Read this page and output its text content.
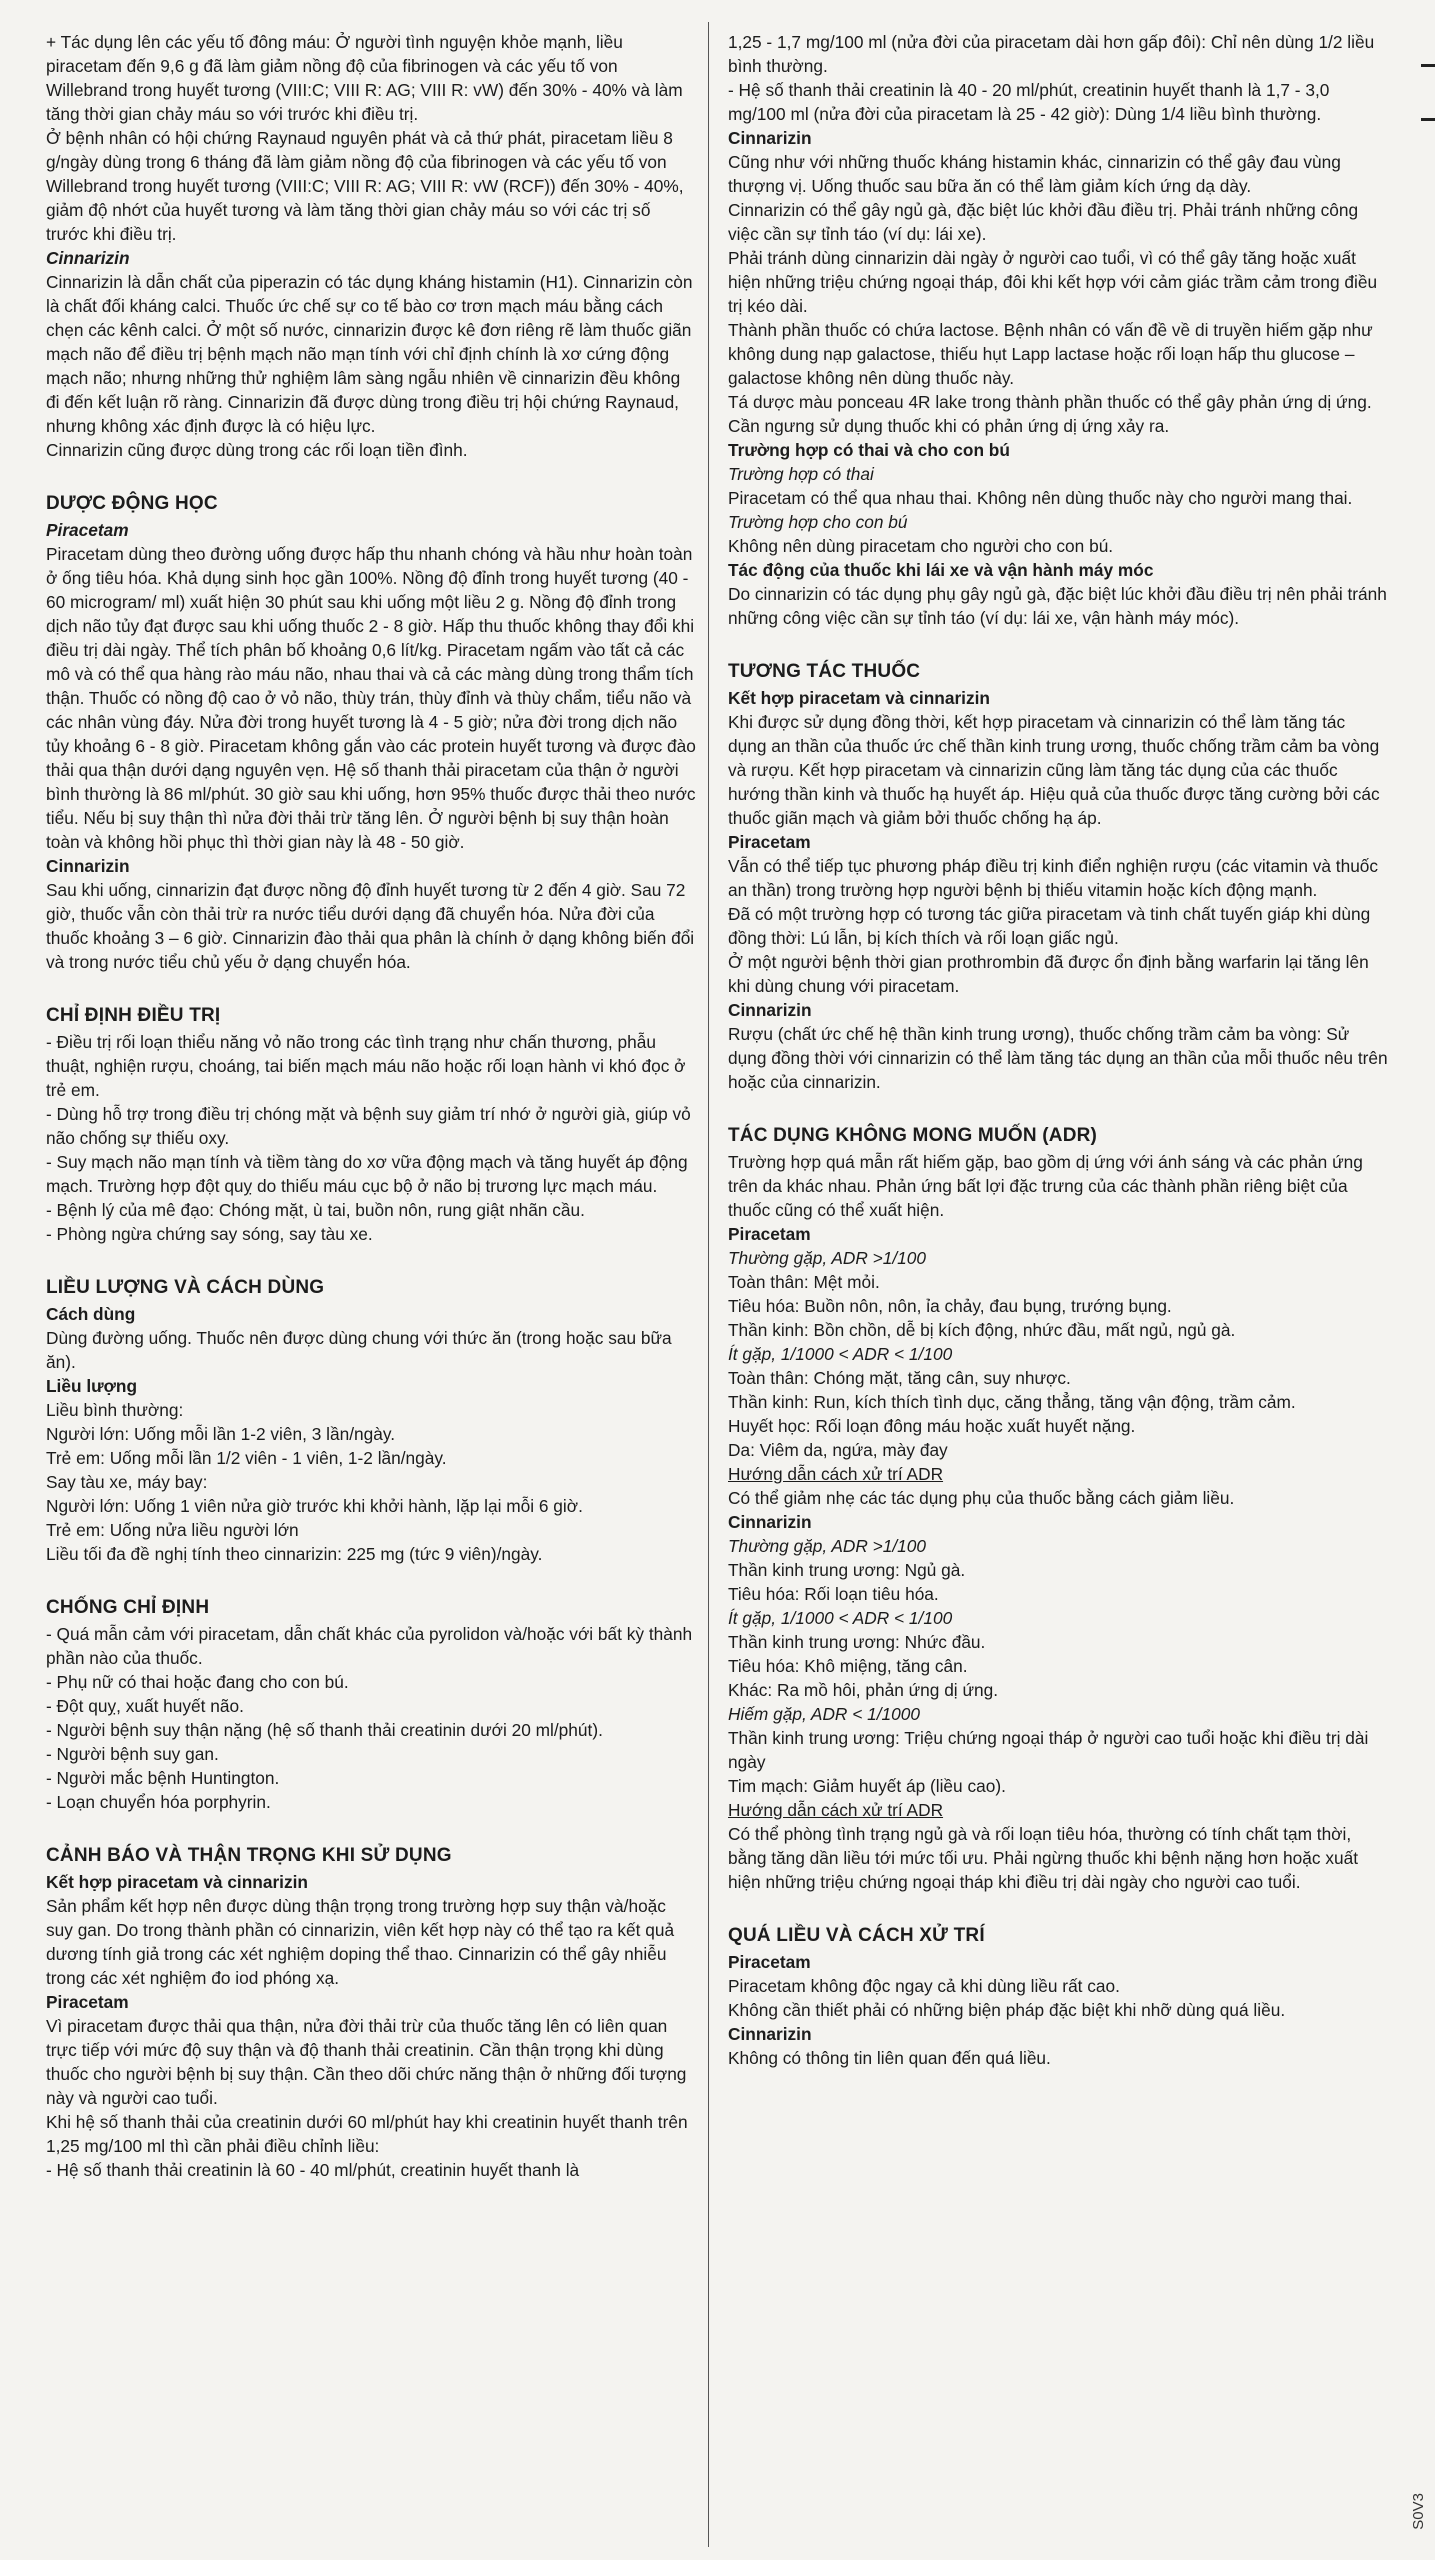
+ Tác dụng lên các yếu tố đông máu: Ở người tình nguyện khỏe mạnh, liều piracetam đến 9,6 g đã làm giảm nồng độ của fibrinogen và các yếu tố von Willebrand trong huyết tương (VIII:C; VIII R: AG; VIII R: vW) đến 30% - 40% và làm tăng thời gian chảy máu so với trước khi điều trị.

Ở bệnh nhân có hội chứng Raynaud nguyên phát và cả thứ phát, piracetam liều 8 g/ngày dùng trong 6 tháng đã làm giảm nồng độ của fibrinogen và các yếu tố von Willebrand trong huyết tương (VIII:C; VIII R: AG; VIII R: vW (RCF)) đến 30% - 40%, giảm độ nhớt của huyết tương và làm tăng thời gian chảy máu so với các trị số trước khi điều trị.

Cinnarizin

Cinnarizin là dẫn chất của piperazin có tác dụng kháng histamin (H1). Cinnarizin còn là chất đối kháng calci. Thuốc ức chế sự co tế bào cơ trơn mạch máu bằng cách chẹn các kênh calci. Ở một số nước, cinnarizin được kê đơn riêng rẽ làm thuốc giãn mạch não để điều trị bệnh mạch não mạn tính với chỉ định chính là xơ cứng động mạch não; nhưng những thử nghiệm lâm sàng ngẫu nhiên về cinnarizin đều không đi đến kết luận rõ ràng. Cinnarizin đã được dùng trong điều trị hội chứng Raynaud, nhưng không xác định được là có hiệu lực.

Cinnarizin cũng được dùng trong các rối loạn tiền đình.

DƯỢC ĐỘNG HỌC

Piracetam

Piracetam dùng theo đường uống được hấp thu nhanh chóng và hầu như hoàn toàn ở ống tiêu hóa. Khả dụng sinh học gần 100%. Nồng độ đỉnh trong huyết tương (40 - 60 microgram/ ml) xuất hiện 30 phút sau khi uống một liều 2 g. Nồng độ đỉnh trong dịch não tủy đạt được sau khi uống thuốc 2 - 8 giờ. Hấp thu thuốc không thay đổi khi điều trị dài ngày. Thể tích phân bố khoảng 0,6 lít/kg. Piracetam ngấm vào tất cả các mô và có thể qua hàng rào máu não, nhau thai và cả các màng dùng trong thẩm tích thận. Thuốc có nồng độ cao ở vỏ não, thùy trán, thùy đỉnh và thùy chẩm, tiểu não và các nhân vùng đáy. Nửa đời trong huyết tương là 4 - 5 giờ; nửa đời trong dịch não tủy khoảng 6 - 8 giờ. Piracetam không gắn vào các protein huyết tương và được đào thải qua thận dưới dạng nguyên vẹn. Hệ số thanh thải piracetam của thận ở người bình thường là 86 ml/phút. 30 giờ sau khi uống, hơn 95% thuốc được thải theo nước tiểu. Nếu bị suy thận thì nửa đời thải trừ tăng lên. Ở người bệnh bị suy thận hoàn toàn và không hồi phục thì thời gian này là 48 - 50 giờ.

Cinnarizin

Sau khi uống, cinnarizin đạt được nồng độ đỉnh huyết tương từ 2 đến 4 giờ. Sau 72 giờ, thuốc vẫn còn thải trừ ra nước tiểu dưới dạng đã chuyển hóa. Nửa đời của thuốc khoảng 3 – 6 giờ. Cinnarizin đào thải qua phân là chính ở dạng không biến đổi và trong nước tiểu chủ yếu ở dạng chuyển hóa.

CHỈ ĐỊNH ĐIỀU TRỊ

- Điều trị rối loạn thiểu năng vỏ não trong các tình trạng như chấn thương, phẫu thuật, nghiện rượu, choáng, tai biến mạch máu não hoặc rối loạn hành vi khó đọc ở trẻ em.

- Dùng hỗ trợ trong điều trị chóng mặt và bệnh suy giảm trí nhớ ở người già, giúp vỏ não chống sự thiếu oxy.

- Suy mạch não mạn tính và tiềm tàng do xơ vữa động mạch và tăng huyết áp động mạch. Trường hợp đột quỵ do thiếu máu cục bộ ở não bị trương lực mạch máu.

- Bệnh lý của mê đạo: Chóng mặt, ù tai, buồn nôn, rung giật nhãn cầu.

- Phòng ngừa chứng say sóng, say tàu xe.

LIỀU LƯỢNG VÀ CÁCH DÙNG

Cách dùng

Dùng đường uống. Thuốc nên được dùng chung với thức ăn (trong hoặc sau bữa ăn).

Liều lượng

Liều bình thường:

Người lớn: Uống mỗi lần 1-2 viên, 3 lần/ngày.

Trẻ em: Uống mỗi lần 1/2 viên - 1 viên, 1-2 lần/ngày.

Say tàu xe, máy bay:

Người lớn: Uống 1 viên nửa giờ trước khi khởi hành, lặp lại mỗi 6 giờ.

Trẻ em: Uống nửa liều người lớn

Liều tối đa đề nghị tính theo cinnarizin: 225 mg (tức 9 viên)/ngày.

CHỐNG CHỈ ĐỊNH

- Quá mẫn cảm với piracetam, dẫn chất khác của pyrolidon và/hoặc với bất kỳ thành phần nào của thuốc.

- Phụ nữ có thai hoặc đang cho con bú.

- Đột quỵ, xuất huyết não.

- Người bệnh suy thận nặng (hệ số thanh thải creatinin dưới 20 ml/phút).

- Người bệnh suy gan.

- Người mắc bệnh Huntington.

- Loạn chuyển hóa porphyrin.

CẢNH BÁO VÀ THẬN TRỌNG KHI SỬ DỤNG

Kết hợp piracetam và cinnarizin

Sản phẩm kết hợp nên được dùng thận trọng trong trường hợp suy thận và/hoặc suy gan. Do trong thành phần có cinnarizin, viên kết hợp này có thể tạo ra kết quả dương tính giả trong các xét nghiệm doping thể thao. Cinnarizin có thể gây nhiễu trong các xét nghiệm đo iod phóng xạ.

Piracetam

Vì piracetam được thải qua thận, nửa đời thải trừ của thuốc tăng lên có liên quan trực tiếp với mức độ suy thận và độ thanh thải creatinin. Cần thận trọng khi dùng thuốc cho người bệnh bị suy thận. Cần theo dõi chức năng thận ở những đối tượng này và người cao tuổi.

Khi hệ số thanh thải của creatinin dưới 60 ml/phút hay khi creatinin huyết thanh trên 1,25 mg/100 ml thì cần phải điều chỉnh liều:

- Hệ số thanh thải creatinin là 60 - 40 ml/phút, creatinin huyết thanh là

1,25 - 1,7 mg/100 ml (nửa đời của piracetam dài hơn gấp đôi): Chỉ nên dùng 1/2 liều bình thường.

- Hệ số thanh thải creatinin là 40 - 20 ml/phút, creatinin huyết thanh là 1,7 - 3,0 mg/100 ml (nửa đời của piracetam là 25 - 42 giờ): Dùng 1/4 liều bình thường.

Cinnarizin

Cũng như với những thuốc kháng histamin khác, cinnarizin có thể gây đau vùng thượng vị. Uống thuốc sau bữa ăn có thể làm giảm kích ứng dạ dày.

Cinnarizin có thể gây ngủ gà, đặc biệt lúc khởi đầu điều trị. Phải tránh những công việc cần sự tỉnh táo (ví dụ: lái xe).

Phải tránh dùng cinnarizin dài ngày ở người cao tuổi, vì có thể gây tăng hoặc xuất hiện những triệu chứng ngoại tháp, đôi khi kết hợp với cảm giác trầm cảm trong điều trị kéo dài.

Thành phần thuốc có chứa lactose. Bệnh nhân có vấn đề về di truyền hiếm gặp như không dung nạp galactose, thiếu hụt Lapp lactase hoặc rối loạn hấp thu glucose – galactose không nên dùng thuốc này.

Tá dược màu ponceau 4R lake trong thành phần thuốc có thể gây phản ứng dị ứng. Cần ngưng sử dụng thuốc khi có phản ứng dị ứng xảy ra.

Trường hợp có thai và cho con bú

Trường hợp có thai

Piracetam có thể qua nhau thai. Không nên dùng thuốc này cho người mang thai.

Trường hợp cho con bú

Không nên dùng piracetam cho người cho con bú.

Tác động của thuốc khi lái xe và vận hành máy móc

Do cinnarizin có tác dụng phụ gây ngủ gà, đặc biệt lúc khởi đầu điều trị nên phải tránh những công việc cần sự tỉnh táo (ví dụ: lái xe, vận hành máy móc).

TƯƠNG TÁC THUỐC

Kết hợp piracetam và cinnarizin

Khi được sử dụng đồng thời, kết hợp piracetam và cinnarizin có thể làm tăng tác dụng an thần của thuốc ức chế thần kinh trung ương, thuốc chống trầm cảm ba vòng và rượu. Kết hợp piracetam và cinnarizin cũng làm tăng tác dụng của các thuốc hướng thần kinh và thuốc hạ huyết áp. Hiệu quả của thuốc được tăng cường bởi các thuốc giãn mạch và giảm bởi thuốc chống hạ áp.

Piracetam

Vẫn có thể tiếp tục phương pháp điều trị kinh điển nghiện rượu (các vitamin và thuốc an thần) trong trường hợp người bệnh bị thiếu vitamin hoặc kích động mạnh.

Đã có một trường hợp có tương tác giữa piracetam và tinh chất tuyến giáp khi dùng đồng thời: Lú lẫn, bị kích thích và rối loạn giấc ngủ.

Ở một người bệnh thời gian prothrombin đã được ổn định bằng warfarin lại tăng lên khi dùng chung với piracetam.

Cinnarizin

Rượu (chất ức chế hệ thần kinh trung ương), thuốc chống trầm cảm ba vòng: Sử dụng đồng thời với cinnarizin có thể làm tăng tác dụng an thần của mỗi thuốc nêu trên hoặc của cinnarizin.

TÁC DỤNG KHÔNG MONG MUỐN (ADR)

Trường hợp quá mẫn rất hiếm gặp, bao gồm dị ứng với ánh sáng và các phản ứng trên da khác nhau. Phản ứng bất lợi đặc trưng của các thành phần riêng biệt của thuốc cũng có thể xuất hiện.

Piracetam

Thường gặp, ADR >1/100

Toàn thân: Mệt mỏi.

Tiêu hóa: Buồn nôn, nôn, ỉa chảy, đau bụng, trướng bụng.

Thần kinh: Bồn chồn, dễ bị kích động, nhức đầu, mất ngủ, ngủ gà.

Ít gặp, 1/1000 < ADR < 1/100

Toàn thân: Chóng mặt, tăng cân, suy nhược.

Thần kinh: Run, kích thích tình dục, căng thẳng, tăng vận động, trầm cảm.

Huyết học: Rối loạn đông máu hoặc xuất huyết nặng.

Da: Viêm da, ngứa, mày đay

Hướng dẫn cách xử trí ADR

Có thể giảm nhẹ các tác dụng phụ của thuốc bằng cách giảm liều.

Cinnarizin

Thường gặp, ADR >1/100

Thần kinh trung ương: Ngủ gà.

Tiêu hóa: Rối loạn tiêu hóa.

Ít gặp, 1/1000 < ADR < 1/100

Thần kinh trung ương: Nhức đầu.

Tiêu hóa: Khô miệng, tăng cân.

Khác: Ra mồ hôi, phản ứng dị ứng.

Hiếm gặp, ADR < 1/1000

Thần kinh trung ương: Triệu chứng ngoại tháp ở người cao tuổi hoặc khi điều trị dài ngày

Tim mạch: Giảm huyết áp (liều cao).

Hướng dẫn cách xử trí ADR

Có thể phòng tình trạng ngủ gà và rối loạn tiêu hóa, thường có tính chất tạm thời, bằng tăng dần liều tới mức tối ưu. Phải ngừng thuốc khi bệnh nặng hơn hoặc xuất hiện những triệu chứng ngoại tháp khi điều trị dài ngày cho người cao tuổi.

QUÁ LIỀU VÀ CÁCH XỬ TRÍ

Piracetam

Piracetam không độc ngay cả khi dùng liều rất cao.

Không cần thiết phải có những biện pháp đặc biệt khi nhỡ dùng quá liều.

Cinnarizin

Không có thông tin liên quan đến quá liều.

S0V3
